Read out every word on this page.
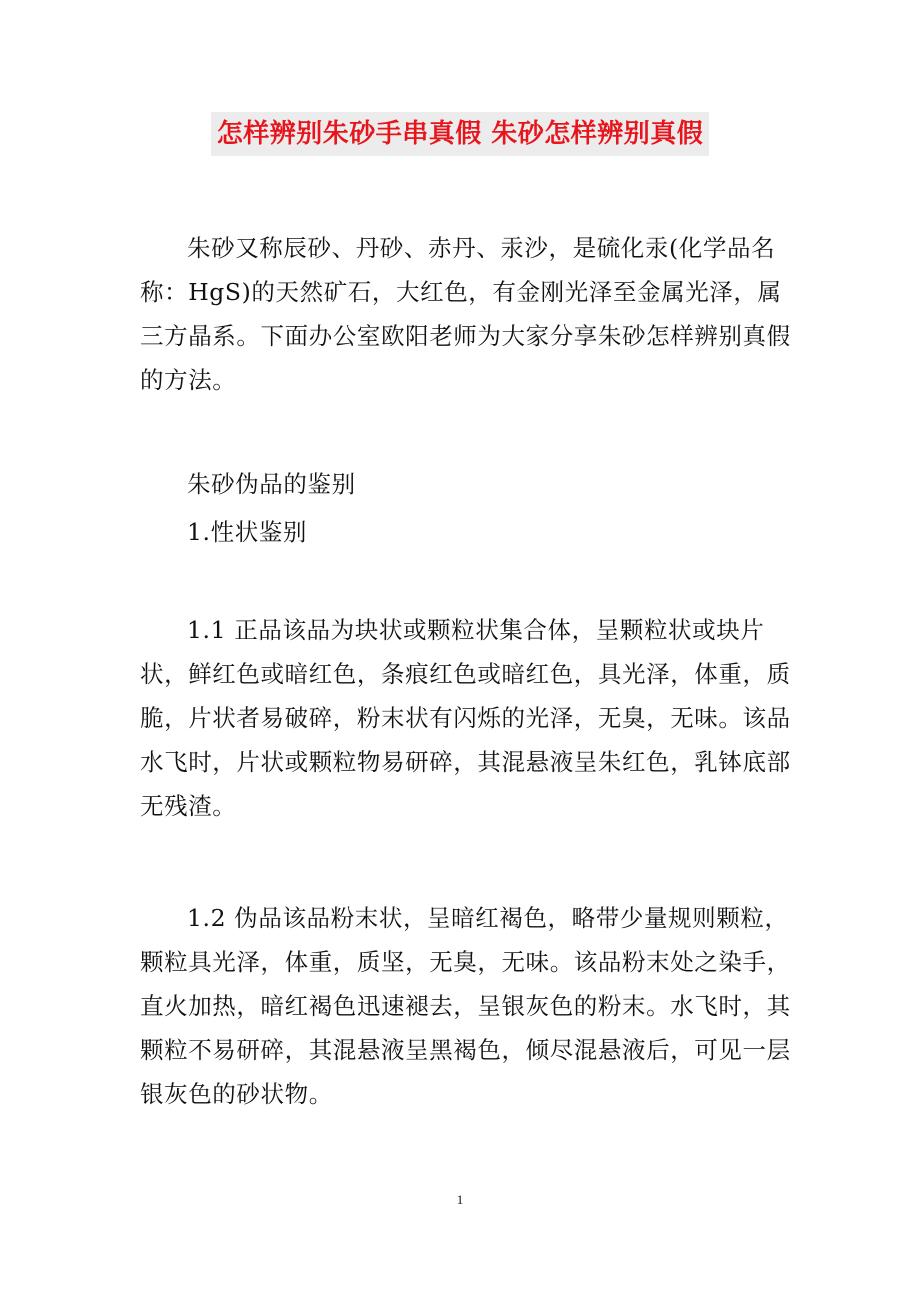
怎样辨别朱砂手串真假 朱砂怎样辨别真假

朱砂又称辰砂、丹砂、赤丹、汞沙，是硫化汞(化学品名称：HgS)的天然矿石，大红色，有金刚光泽至金属光泽，属三方晶系。下面办公室欧阳老师为大家分享朱砂怎样辨别真假的方法。

朱砂伪品的鉴别

1.性状鉴别

1.1 正品该品为块状或颗粒状集合体，呈颗粒状或块片状，鲜红色或暗红色，条痕红色或暗红色，具光泽，体重，质脆，片状者易破碎，粉末状有闪烁的光泽，无臭，无味。该品水飞时，片状或颗粒物易研碎，其混悬液呈朱红色，乳钵底部无残渣。

1.2 伪品该品粉末状，呈暗红褐色，略带少量规则颗粒，颗粒具光泽，体重，质坚，无臭，无味。该品粉末处之染手，直火加热，暗红褐色迅速褪去，呈银灰色的粉末。水飞时，其颗粒不易研碎，其混悬液呈黑褐色，倾尽混悬液后，可见一层银灰色的砂状物。

1
